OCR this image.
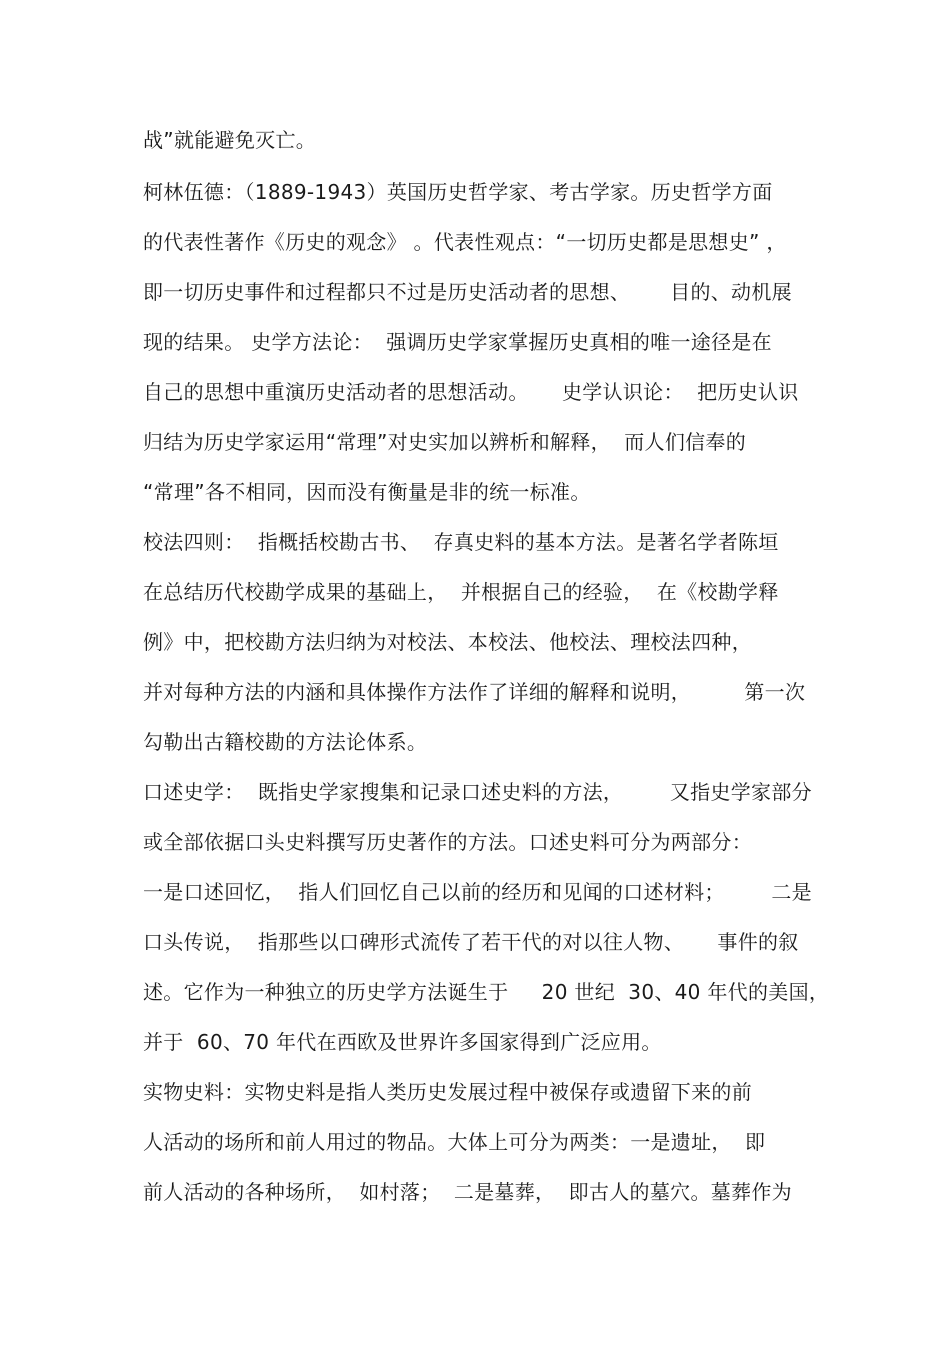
战”就能避免灭亡。
柯林伍德：（1889-1943）英国历史哲学家、考古学家。历史哲学方面
的代表性著作《历史的观念》 。代表性观点：“一切历史都是思想史” ，
即一切历史事件和过程都只不过是历史活动者的思想、      目的、动机展
现的结果。 史学方法论：  强调历史学家掌握历史真相的唯一途径是在
自己的思想中重演历史活动者的思想活动。     史学认识论：  把历史认识
归结为历史学家运用“常理”对史实加以辨析和解释，  而人们信奉的
“常理”各不相同，因而没有衡量是非的统一标准。
校法四则：  指概括校勘古书、  存真史料的基本方法。是著名学者陈垣
在总结历代校勘学成果的基础上，  并根据自己的经验，  在《校勘学释
例》中，把校勘方法归纳为对校法、本校法、他校法、理校法四种，
并对每种方法的内涵和具体操作方法作了详细的解释和说明，        第一次
勾勒出古籍校勘的方法论体系。
口述史学：  既指史学家搜集和记录口述史料的方法，       又指史学家部分
或全部依据口头史料撰写历史著作的方法。口述史料可分为两部分：
一是口述回忆，  指人们回忆自己以前的经历和见闻的口述材料；       二是
口头传说，  指那些以口碑形式流传了若干代的对以往人物、     事件的叙
述。它作为一种独立的历史学方法诞生于     20 世纪  30、40 年代的美国，
并于  60、70 年代在西欧及世界许多国家得到广泛应用。
实物史料：实物史料是指人类历史发展过程中被保存或遗留下来的前
人活动的场所和前人用过的物品。大体上可分为两类：一是遗址，  即
前人活动的各种场所，  如村落；  二是墓葬，  即古人的墓穴。墓葬作为
